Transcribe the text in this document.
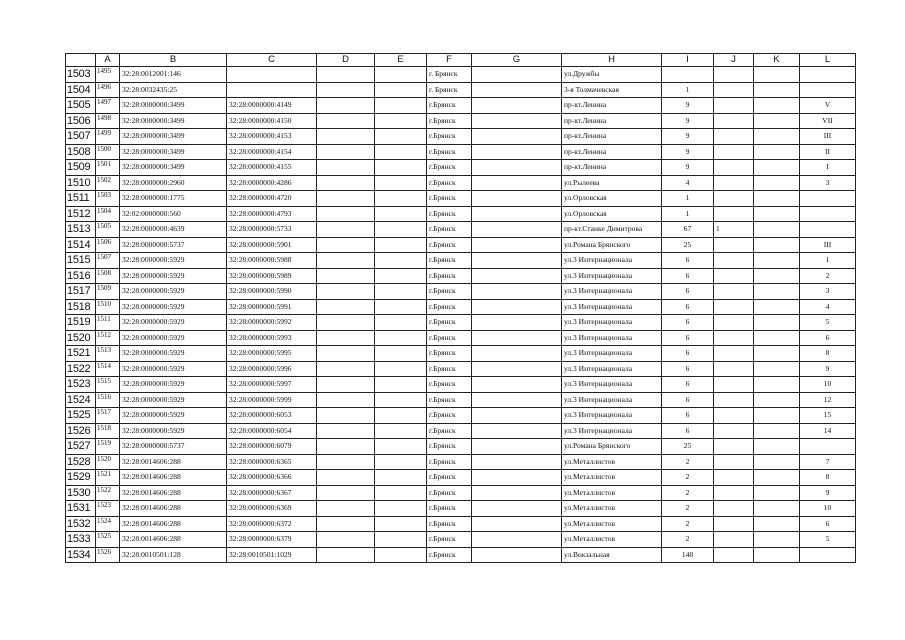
	A	B	C	D	E	F	G	H	I	J	K	L
1503	1495	32:28:0012001:146				г. Брянск		ул.Дружбы				
1504	1496	32:28:0032435:25				г. Брянск		3-я Толмачевская	1			
1505	1497	32:28:0000000:3499	32:28:0000000:4149			г.Брянск		пр-кт.Ленина	9			V
1506	1498	32:28:0000000:3499	32:28:0000000:4150			г.Брянск		пр-кт.Ленина	9			VII
1507	1499	32:28:0000000:3499	32:28:0000000:4153			г.Брянск		пр-кт.Ленина	9			III
1508	1500	32:28:0000000:3499	32:28:0000000:4154			г.Брянск		пр-кт.Ленина	9			II
1509	1501	32:28:0000000:3499	32:28:0000000:4155			г.Брянск		пр-кт.Ленина	9			I
1510	1502	32:28:0000000:2960	32:28:0000000:4286			г.Брянск		ул.Рылеева	4			3
1511	1503	32:28:0000000:1775	32:28:0000000:4720			г.Брянск		ул.Орловская	1			
1512	1504	32:02:0000000:560	32:28:0000000:4793			г.Брянск		ул.Орловская	1			
1513	1505	32:28:0000000:4639	32:28:0000000:5733			г.Брянск		пр-кт.Станке Димитрова	67	1		
1514	1506	32:28:0000000:5737	32:28:0000000:5901			г.Брянск		ул.Романа Брянского	25			III
1515	1507	32:28:0000000:5929	32:28:0000000:5988			г.Брянск		ул.3 Интернационала	6			1
1516	1508	32:28:0000000:5929	32:28:0000000:5989			г.Брянск		ул.3 Интернационала	6			2
1517	1509	32:28:0000000:5929	32:28:0000000:5990			г.Брянск		ул.3 Интернационала	6			3
1518	1510	32:28:0000000:5929	32:28:0000000:5991			г.Брянск		ул.3 Интернационала	6			4
1519	1511	32:28:0000000:5929	32:28:0000000:5992			г.Брянск		ул.3 Интернационала	6			5
1520	1512	32:28:0000000:5929	32:28:0000000:5993			г.Брянск		ул.3 Интернационала	6			6
1521	1513	32:28:0000000:5929	32:28:0000000:5995			г.Брянск		ул.3 Интернационала	6			8
1522	1514	32:28:0000000:5929	32:28:0000000:5996			г.Брянск		ул.3 Интернационала	6			9
1523	1515	32:28:0000000:5929	32:28:0000000:5997			г.Брянск		ул.3 Интернационала	6			10
1524	1516	32:28:0000000:5929	32:28:0000000:5999			г.Брянск		ул.3 Интернационала	6			12
1525	1517	32:28:0000000:5929	32:28:0000000:6053			г.Брянск		ул.3 Интернационала	6			15
1526	1518	32:28:0000000:5929	32:28:0000000:6054			г.Брянск		ул.3 Интернационала	6			14
1527	1519	32:28:0000000:5737	32:28:0000000:6079			г.Брянск		ул.Романа Брянского	25			
1528	1520	32:28:0014606:288	32:28:0000000:6365			г.Брянск		ул.Металлистов	2			7
1529	1521	32:28:0014606:288	32:28:0000000:6366			г.Брянск		ул.Металлистов	2			8
1530	1522	32:28:0014606:288	32:28:0000000:6367			г.Брянск		ул.Металлистов	2			9
1531	1523	32:28:0014606:288	32:28:0000000:6369			г.Брянск		ул.Металлистов	2			10
1532	1524	32:28:0014606:288	32:28:0000000:6372			г.Брянск		ул.Металлистов	2			6
1533	1525	32:28:0014606:288	32:28:0000000:6379			г.Брянск		ул.Металлистов	2			5
1534	1526	32:28:0010501:128	32:28:0010501:1029			г.Брянск		ул.Вокзальная	148			
